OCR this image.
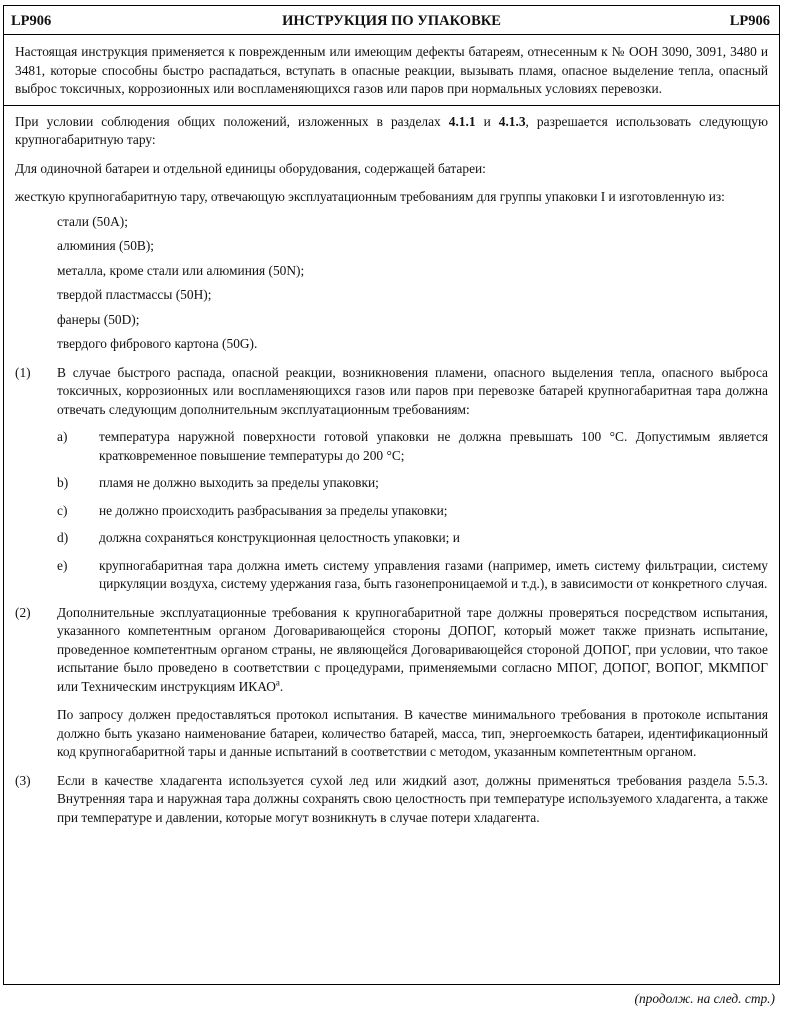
LP906	ИНСТРУКЦИЯ ПО УПАКОВКЕ	LP906
Настоящая инструкция применяется к поврежденным или имеющим дефекты батареям, отнесенным к № ООН 3090, 3091, 3480 и 3481, которые способны быстро распадаться, вступать в опасные реакции, вызывать пламя, опасное выделение тепла, опасный выброс токсичных, коррозионных или воспламеняющихся газов или паров при нормальных условиях перевозки.

При условии соблюдения общих положений, изложенных в разделах 4.1.1 и 4.1.3, разрешается использовать следующую крупногабаритную тару:

Для одиночной батареи и отдельной единицы оборудования, содержащей батареи:

жесткую крупногабаритную тару, отвечающую эксплуатационным требованиям для группы упаковки I и изготовленную из:

стали (50A);
алюминия (50B);
металла, кроме стали или алюминия (50N);
твердой пластмассы (50H);
фанеры (50D);
твердого фибрового картона (50G).
(1)	В случае быстрого распада, опасной реакции, возникновения пламени, опасного выделения тепла, опасного выброса токсичных, коррозионных или воспламеняющихся газов или паров при перевозке батарей крупногабаритная тара должна отвечать следующим дополнительным эксплуатационным требованиям:

a)	температура наружной поверхности готовой упаковки не должна превышать 100 °C. Допустимым является кратковременное повышение температуры до 200 °C;

b)	пламя не должно выходить за пределы упаковки;

c)	не должно происходить разбрасывания за пределы упаковки;

d)	должна сохраняться конструкционная целостность упаковки; и

e)	крупногабаритная тара должна иметь систему управления газами (например, иметь систему фильтрации, систему циркуляции воздуха, систему удержания газа, быть газонепроницаемой и т.д.), в зависимости от конкретного случая.

(2)	Дополнительные эксплуатационные требования к крупногабаритной таре должны проверяться посредством испытания, указанного компетентным органом Договаривающейся стороны ДОПОГ, который может также признать испытание, проведенное компетентным органом страны, не являющейся Договаривающейся стороной ДОПОГ, при условии, что такое испытание было проведено в соответствии с процедурами, применяемыми согласно МПОГ, ДОПОГ, ВОПОГ, МКМПОГ или Техническим инструкциям ИКАО$^a$.

По запросу должен предоставляться протокол испытания. В качестве минимального требования в протоколе испытания должно быть указано наименование батареи, количество батарей, масса, тип, энергоемкость батареи, идентификационный код крупногабаритной тары и данные испытаний в соответствии с методом, указанным компетентным органом.

(3)	Если в качестве хладагента используется сухой лед или жидкий азот, должны применяться требования раздела 5.5.3. Внутренняя тара и наружная тара должны сохранять свою целостность при температуре используемого хладагента, а также при температуре и давлении, которые могут возникнуть в случае потери хладагента.

(продолж. на след. стр.)
